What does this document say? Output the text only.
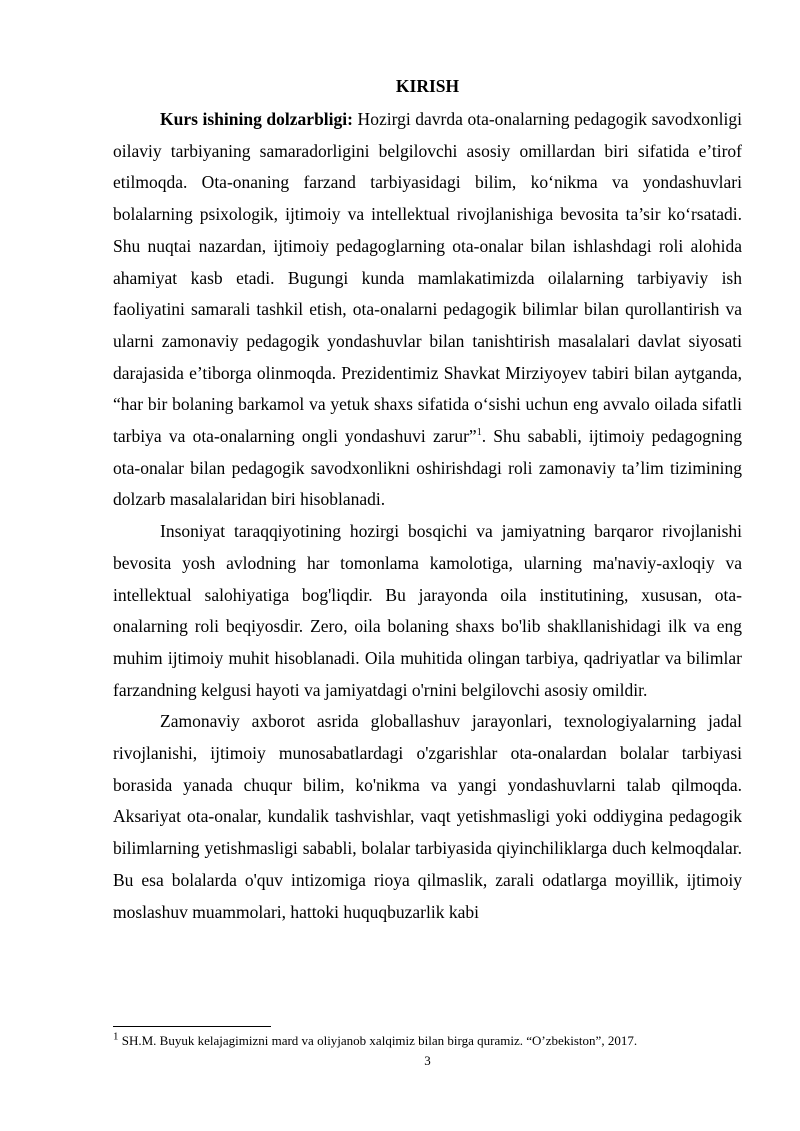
KIRISH

Kurs ishining dolzarbligi: Hozirgi davrda ota-onalarning pedagogik savodxonligi oilaviy tarbiyaning samaradorligini belgilovchi asosiy omillardan biri sifatida e’tirof etilmoqda. Ota-onaning farzand tarbiyasidagi bilim, ko‘nikma va yondashuvlari bolalarning psixologik, ijtimoiy va intellektual rivojlanishiga bevosita ta’sir ko‘rsatadi. Shu nuqtai nazardan, ijtimoiy pedagoglarning ota-onalar bilan ishlashdagi roli alohida ahamiyat kasb etadi. Bugungi kunda mamlakatimizda oilalarning tarbiyaviy ish faoliyatini samarali tashkil etish, ota-onalarni pedagogik bilimlar bilan qurollantirish va ularni zamonaviy pedagogik yondashuvlar bilan tanishtirish masalalari davlat siyosati darajasida e’tiborga olinmoqda. Prezidentimiz Shavkat Mirziyoyev tabiri bilan aytganda, “har bir bolaning barkamol va yetuk shaxs sifatida o‘sishi uchun eng avvalo oilada sifatli tarbiya va ota-onalarning ongli yondashuvi zarur”$^1$. Shu sababli, ijtimoiy pedagogning ota-onalar bilan pedagogik savodxonlikni oshirishdagi roli zamonaviy ta’lim tizimining dolzarb masalalaridan biri hisoblanadi.

Insoniyat taraqqiyotining hozirgi bosqichi va jamiyatning barqaror rivojlanishi bevosita yosh avlodning har tomonlama kamolotiga, ularning ma'naviy-axloqiy va intellektual salohiyatiga bog'liqdir. Bu jarayonda oila institutining, xususan, ota-onalarning roli beqiyosdir. Zero, oila bolaning shaxs bo'lib shakllanishidagi ilk va eng muhim ijtimoiy muhit hisoblanadi. Oila muhitida olingan tarbiya, qadriyatlar va bilimlar farzandning kelgusi hayoti va jamiyatdagi o'rnini belgilovchi asosiy omildir.

Zamonaviy axborot asrida globallashuv jarayonlari, texnologiyalarning jadal rivojlanishi, ijtimoiy munosabatlardagi o'zgarishlar ota-onalardan bolalar tarbiyasi borasida yanada chuqur bilim, ko'nikma va yangi yondashuvlarni talab qilmoqda. Aksariyat ota-onalar, kundalik tashvishlar, vaqt yetishmasligi yoki oddiygina pedagogik bilimlarning yetishmasligi sababli, bolalar tarbiyasida qiyinchiliklarga duch kelmoqdalar. Bu esa bolalarda o'quv intizomiga rioya qilmaslik, zarali odatlarga moyillik, ijtimoiy moslashuv muammolari, hattoki huquqbuzarlik kabi

$^1$ SH.M. Buyuk kelajagimizni mard va oliyjanob xalqimiz bilan birga quramiz. “O’zbekiston”, 2017.

3
